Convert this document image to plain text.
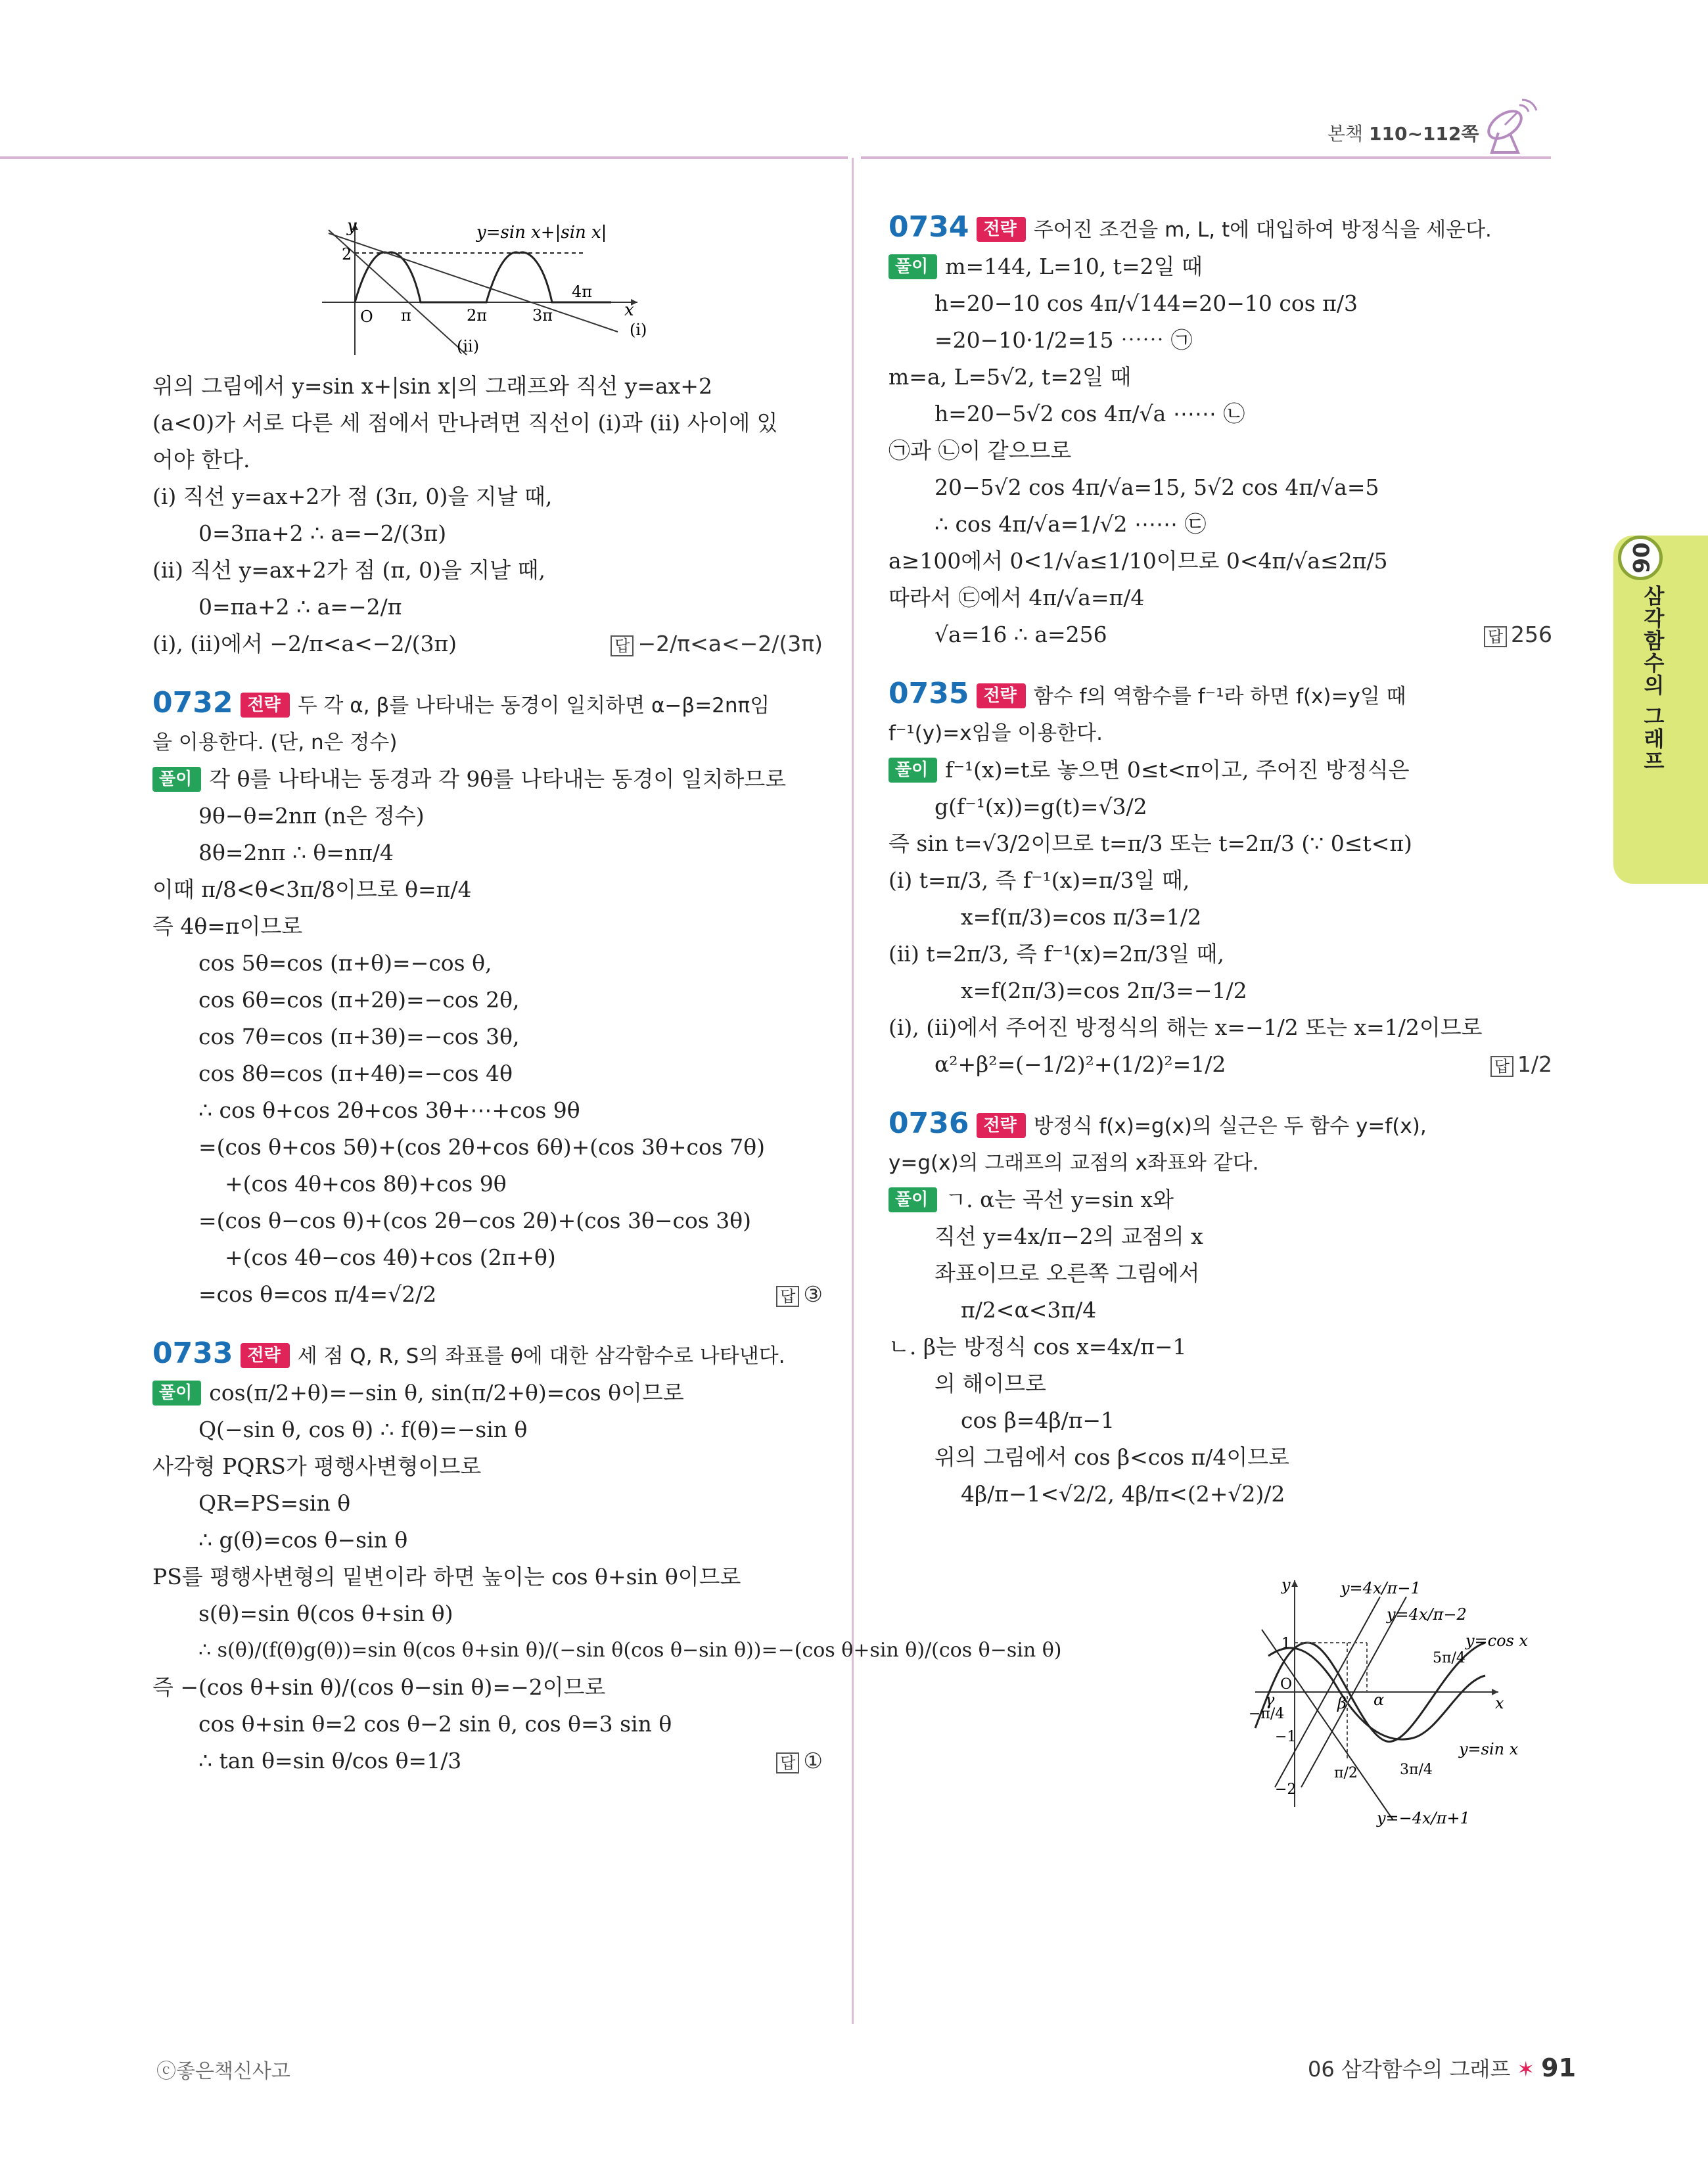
본책 110~112쪽
06
삼각함수의 그래프
y
x
2
O π	2π	3π
4π
y=sin x+|sin x|
(i)
(ii)

위의 그림에서 y=sin x+|sin x|의 그래프와 직선 y=ax+2

(a<0)가 서로 다른 세 점에서 만나려면 직선이 (i)과 (ii) 사이에 있

어야 한다.

(i) 직선 y=ax+2가 점 (3π, 0)을 지날 때,

0=3πa+2 ∴ a=−2/(3π)

(ii) 직선 y=ax+2가 점 (π, 0)을 지날 때,

0=πa+2 ∴ a=−2/π

(i), (ii)에서 −2/π<a<−2/(3π)	답 −2/π<a<−2/(3π)

0732 전략 두 각 α, β를 나타내는 동경이 일치하면 α−β=2nπ임

을 이용한다. (단, n은 정수)

풀이 각 θ를 나타내는 동경과 각 9θ를 나타내는 동경이 일치하므로

9θ−θ=2nπ (n은 정수)

8θ=2nπ ∴ θ=nπ/4

이때 π/8<θ<3π/8이므로 θ=π/4

즉 4θ=π이므로

cos 5θ=cos (π+θ)=−cos θ,

cos 6θ=cos (π+2θ)=−cos 2θ,

cos 7θ=cos (π+3θ)=−cos 3θ,

cos 8θ=cos (π+4θ)=−cos 4θ

∴ cos θ+cos 2θ+cos 3θ+⋯+cos 9θ

=(cos θ+cos 5θ)+(cos 2θ+cos 6θ)+(cos 3θ+cos 7θ)

+(cos 4θ+cos 8θ)+cos 9θ

=(cos θ−cos θ)+(cos 2θ−cos 2θ)+(cos 3θ−cos 3θ)

+(cos 4θ−cos 4θ)+cos (2π+θ)

=cos θ=cos π/4=√2/2	답 ③

0733 전략 세 점 Q, R, S의 좌표를 θ에 대한 삼각함수로 나타낸다.

풀이 cos(π/2+θ)=−sin θ, sin(π/2+θ)=cos θ이므로

Q(−sin θ, cos θ) ∴ f(θ)=−sin θ

사각형 PQRS가 평행사변형이므로

QR=PS=sin θ

∴ g(θ)=cos θ−sin θ

PS를 평행사변형의 밑변이라 하면 높이는 cos θ+sin θ이므로

s(θ)=sin θ(cos θ+sin θ)

∴ s(θ)/(f(θ)g(θ))=sin θ(cos θ+sin θ)/(−sin θ(cos θ−sin θ))=−(cos θ+sin θ)/(cos θ−sin θ)

즉 −(cos θ+sin θ)/(cos θ−sin θ)=−2이므로

cos θ+sin θ=2 cos θ−2 sin θ, cos θ=3 sin θ

∴ tan θ=sin θ/cos θ=1/3	답 ①

0734 전략 주어진 조건을 m, L, t에 대입하여 방정식을 세운다.

풀이 m=144, L=10, t=2일 때

h=20−10 cos 4π/√144=20−10 cos π/3

=20−10·1/2=15 ⋯⋯ ㉠

m=a, L=5√2, t=2일 때

h=20−5√2 cos 4π/√a ⋯⋯ ㉡

㉠과 ㉡이 같으므로

20−5√2 cos 4π/√a=15, 5√2 cos 4π/√a=5

∴ cos 4π/√a=1/√2 ⋯⋯ ㉢

a≥100에서 0<1/√a≤1/10이므로 0<4π/√a≤2π/5

따라서 ㉢에서 4π/√a=π/4

√a=16 ∴ a=256	답 256

0735 전략 함수 f의 역함수를 f⁻¹라 하면 f(x)=y일 때

f⁻¹(y)=x임을 이용한다.

풀이 f⁻¹(x)=t로 놓으면 0≤t<π이고, 주어진 방정식은

g(f⁻¹(x))=g(t)=√3/2

즉 sin t=√3/2이므로 t=π/3 또는 t=2π/3 (∵ 0≤t<π)

(i) t=π/3, 즉 f⁻¹(x)=π/3일 때,

x=f(π/3)=cos π/3=1/2

(ii) t=2π/3, 즉 f⁻¹(x)=2π/3일 때,

x=f(2π/3)=cos 2π/3=−1/2

(i), (ii)에서 주어진 방정식의 해는 x=−1/2 또는 x=1/2이므로

α²+β²=(−1/2)²+(1/2)²=1/2	답 1/2

0736 전략 방정식 f(x)=g(x)의 실근은 두 함수 y=f(x),

y=g(x)의 그래프의 교점의 x좌표와 같다.

풀이 ㄱ. α는 곡선 y=sin x와

직선 y=4x/π−2의 교점의 x

좌표이므로 오른쪽 그림에서

π/2<α<3π/4

ㄴ. β는 방정식 cos x=4x/π−1

의 해이므로

cos β=4β/π−1

위의 그림에서 cos β<cos π/4이므로

4β/π−1<√2/2, 4β/π<(2+√2)/2

y=4x/π−1
y=4x/π−2
y=cos x
y=sin x
y=−4x/π+1
5π/4
π/2	3π/4
−π/4
α
β
γ
1
−1
−2
O
x
y
ⓒ좋은책신사고	06 삼각함수의 그래프 ✶ 91
